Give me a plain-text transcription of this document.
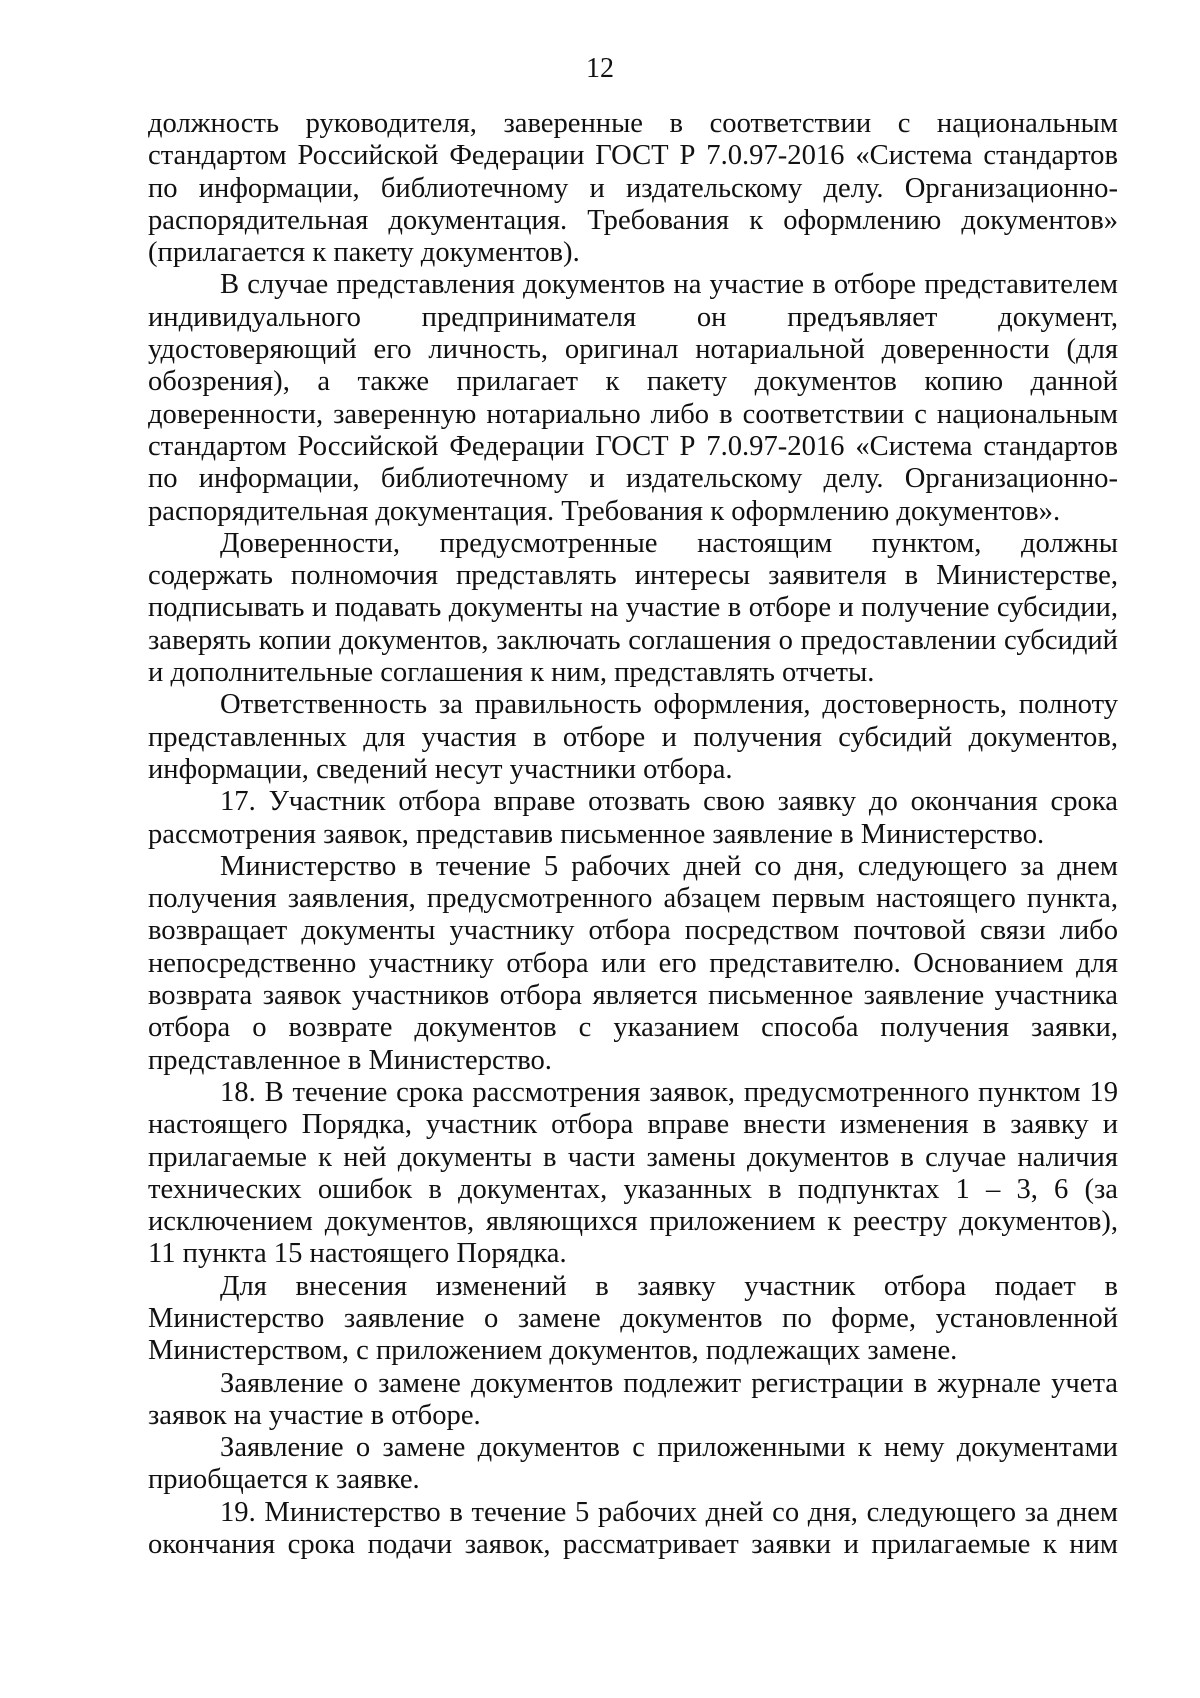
12

должность руководителя, заверенные в соответствии с национальным стандартом Российской Федерации ГОСТ Р 7.0.97-2016 «Система стандартов по информации, библиотечному и издательскому делу. Организационно-распорядительная документация. Требования к оформлению документов» (прилагается к пакету документов).

В случае представления документов на участие в отборе представителем индивидуального предпринимателя он предъявляет документ, удостоверяющий его личность, оригинал нотариальной доверенности (для обозрения), а также прилагает к пакету документов копию данной доверенности, заверенную нотариально либо в соответствии с национальным стандартом Российской Федерации ГОСТ Р 7.0.97-2016 «Система стандартов по информации, библиотечному и издательскому делу. Организационно-распорядительная документация. Требования к оформлению документов».

Доверенности, предусмотренные настоящим пунктом, должны содержать полномочия представлять интересы заявителя в Министерстве, подписывать и подавать документы на участие в отборе и получение субсидии, заверять копии документов, заключать соглашения о предоставлении субсидий и дополнительные соглашения к ним, представлять отчеты.

Ответственность за правильность оформления, достоверность, полноту представленных для участия в отборе и получения субсидий документов, информации, сведений несут участники отбора.

17. Участник отбора вправе отозвать свою заявку до окончания срока рассмотрения заявок, представив письменное заявление в Министерство.

Министерство в течение 5 рабочих дней со дня, следующего за днем получения заявления, предусмотренного абзацем первым настоящего пункта, возвращает документы участнику отбора посредством почтовой связи либо непосредственно участнику отбора или его представителю. Основанием для возврата заявок участников отбора является письменное заявление участника отбора о возврате документов с указанием способа получения заявки, представленное в Министерство.

18. В течение срока рассмотрения заявок, предусмотренного пунктом 19 настоящего Порядка, участник отбора вправе внести изменения в заявку и прилагаемые к ней документы в части замены документов в случае наличия технических ошибок в документах, указанных в подпунктах 1 – 3, 6 (за исключением документов, являющихся приложением к реестру документов), 11 пункта 15 настоящего Порядка.

Для внесения изменений в заявку участник отбора подает в Министерство заявление о замене документов по форме, установленной Министерством, с приложением документов, подлежащих замене.

Заявление о замене документов подлежит регистрации в журнале учета заявок на участие в отборе.

Заявление о замене документов с приложенными к нему документами приобщается к заявке.

19. Министерство в течение 5 рабочих дней со дня, следующего за днем окончания срока подачи заявок, рассматривает заявки и прилагаемые к ним
